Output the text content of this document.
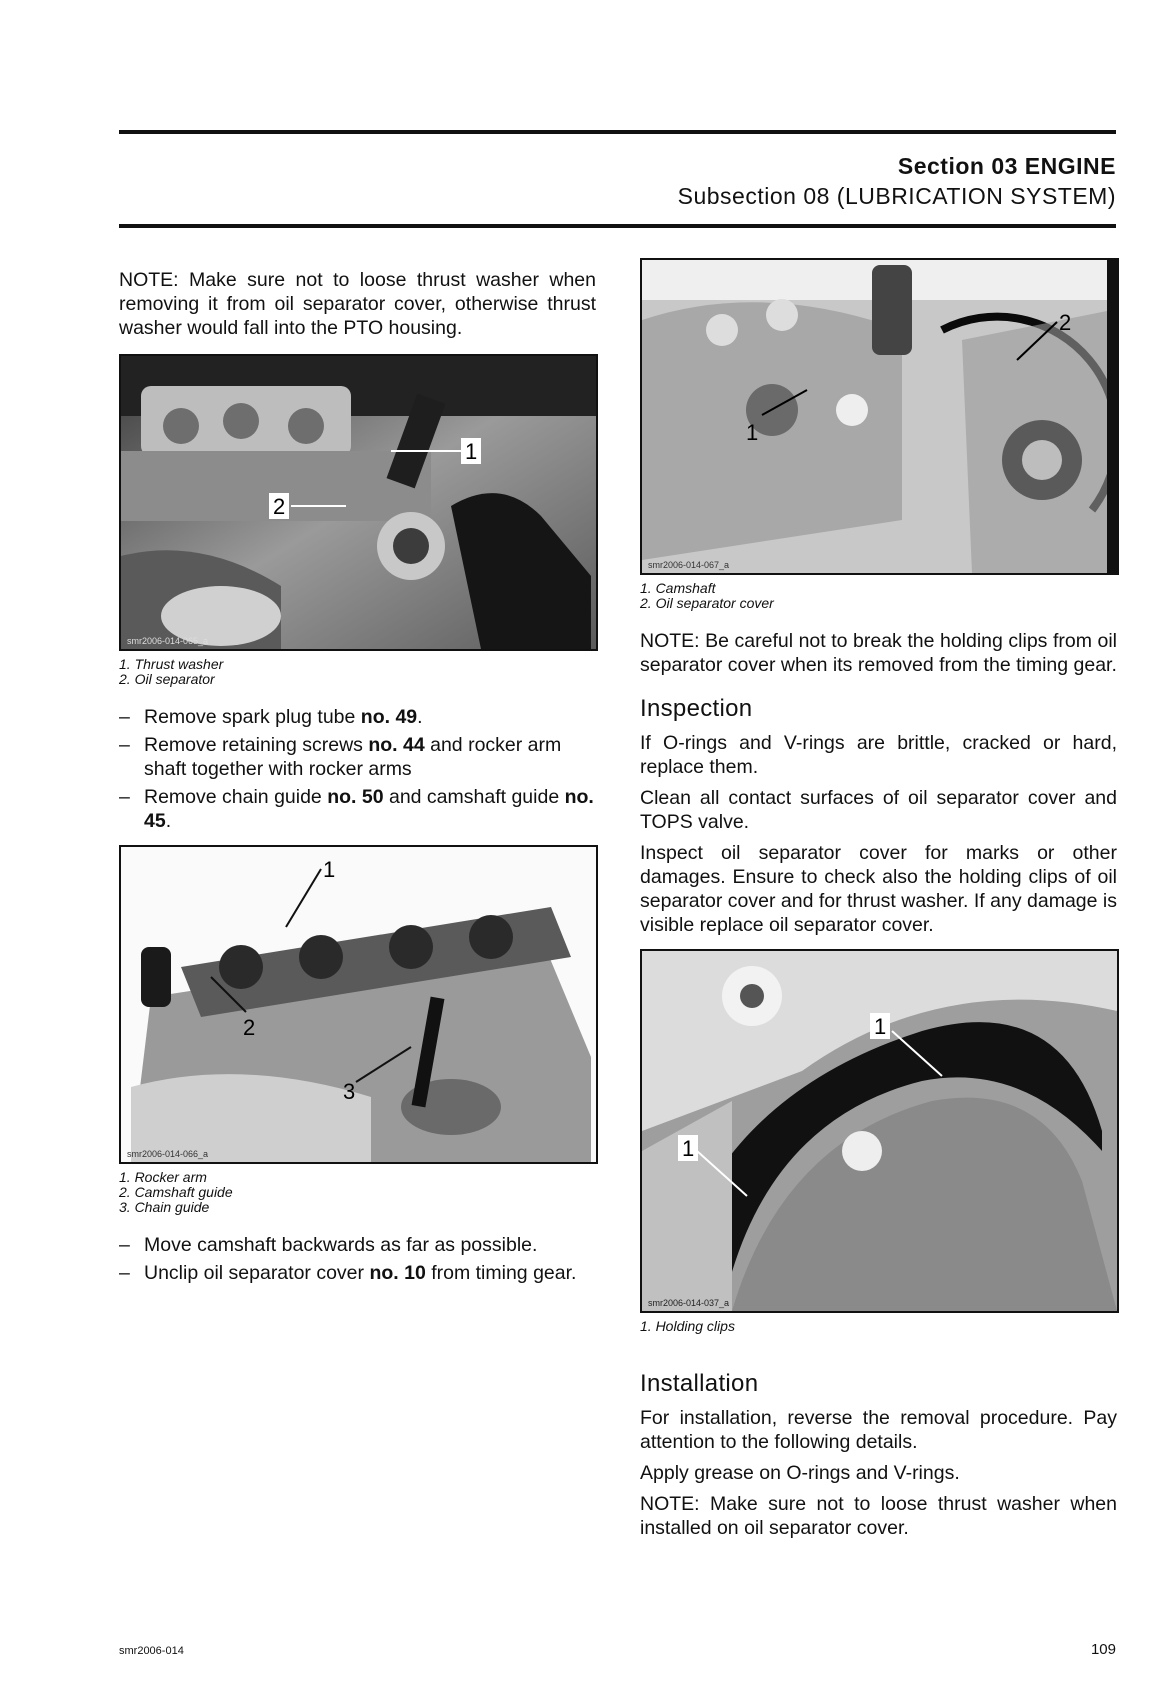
Section 03 ENGINE
Subsection 08 (LUBRICATION SYSTEM)

NOTE: Make sure not to loose thrust washer when removing it from oil separator cover, otherwise thrust washer would fall into the PTO housing.

1
2
smr2006-014-065_a
1. Thrust washer
2. Oil separator
– Remove spark plug tube no. 49.
– Remove retaining screws no. 44 and rocker arm shaft together with rocker arms
– Remove chain guide no. 50 and camshaft guide no. 45.
1
2
3
smr2006-014-066_a
1. Rocker arm
2. Camshaft guide
3. Chain guide
– Move camshaft backwards as far as possible.
– Unclip oil separator cover no. 10 from timing gear.
2
1
smr2006-014-067_a
1. Camshaft
2. Oil separator cover

NOTE: Be careful not to break the holding clips from oil separator cover when its removed from the timing gear.

Inspection

If O-rings and V-rings are brittle, cracked or hard, replace them.

Clean all contact surfaces of oil separator cover and TOPS valve.

Inspect oil separator cover for marks or other damages. Ensure to check also the holding clips of oil separator cover and for thrust washer. If any damage is visible replace oil separator cover.

1
1
smr2006-014-037_a
1. Holding clips
Installation

For installation, reverse the removal procedure. Pay attention to the following details.

Apply grease on O-rings and V-rings.

NOTE: Make sure not to loose thrust washer when installed on oil separator cover.

smr2006-014	109
